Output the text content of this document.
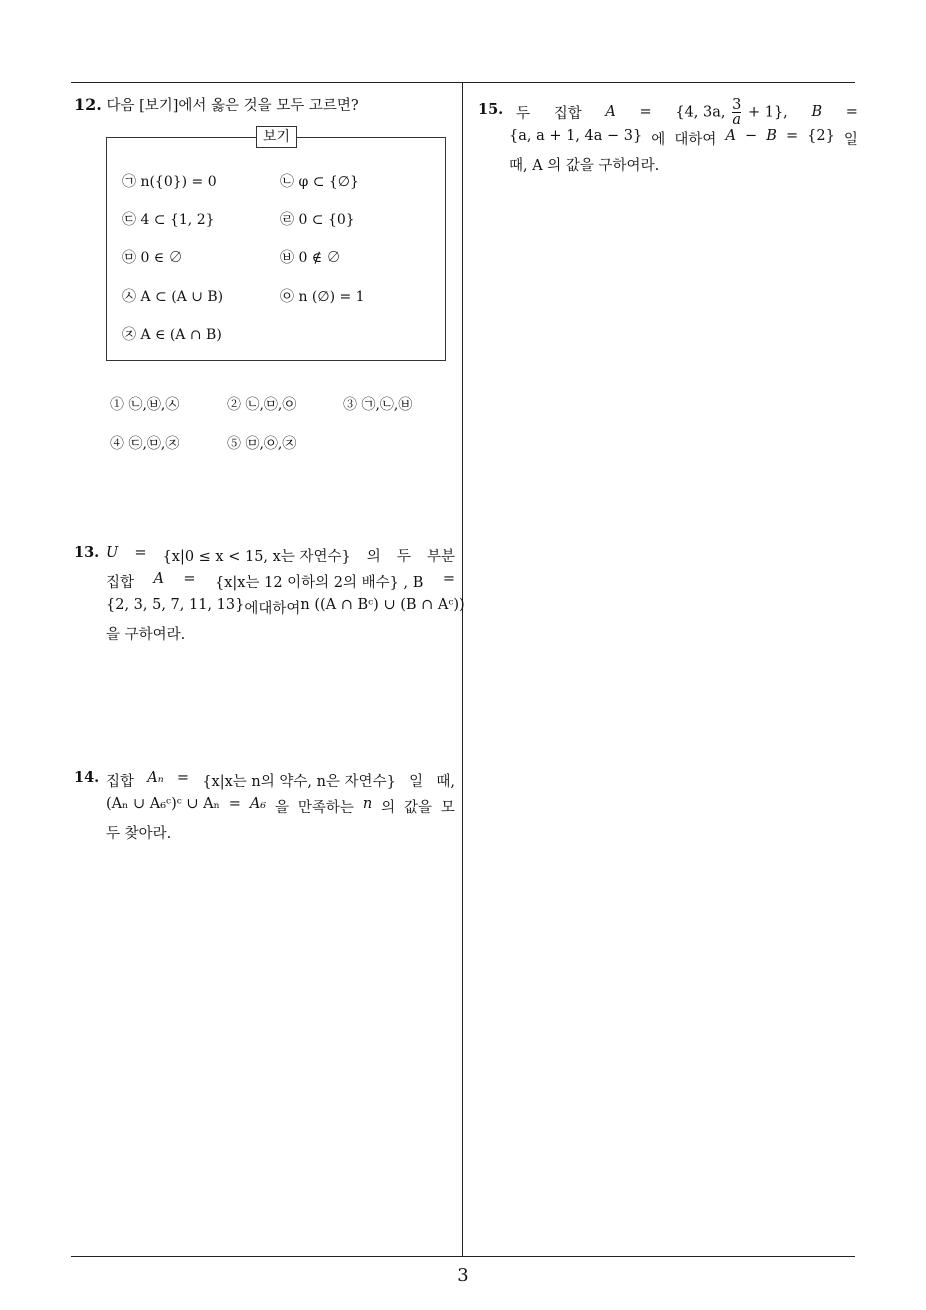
12. 다음 [보기]에서 옳은 것을 모두 고르면?
보기
㉠ n({0}) = 0	㉡ φ ⊂ {∅}
㉢ 4 ⊂ {1, 2}	㉣ 0 ⊂ {0}
㉤ 0 ∈ ∅	㉥ 0 ∉ ∅
㉦ A ⊂ (A ∪ B)	㉧ n (∅) = 1
㉨ A ∈ (A ∩ B)
① ㉡,㉥,㉦	② ㉡,㉤,㉧	③ ㉠,㉡,㉥
④ ㉢,㉤,㉨	⑤ ㉤,㉧,㉨
13. U = {x|0 ≤ x < 15, x는 자연수} 의 두 부분
집합 A = {x|x는 12 이하의 2의 배수} , B =
{2, 3, 5, 7, 11, 13} 에 대하여 n ((A ∩ Bᶜ) ∪ (B ∩ Aᶜ))
을 구하여라.
14. 집합 Aₙ = {x|x는 n의 약수, n은 자연수} 일 때,
(Aₙ ∪ A₆ᶜ)ᶜ ∪ Aₙ = A₆ 을 만족하는 n 의 값을 모
두 찾아라.
15. 두 집합 A = {4, 3a, $\frac{3}{a} + 1$}, B =
{a, a + 1, 4a − 3} 에 대하여 A − B = {2} 일
때, A 의 값을 구하여라.
3
